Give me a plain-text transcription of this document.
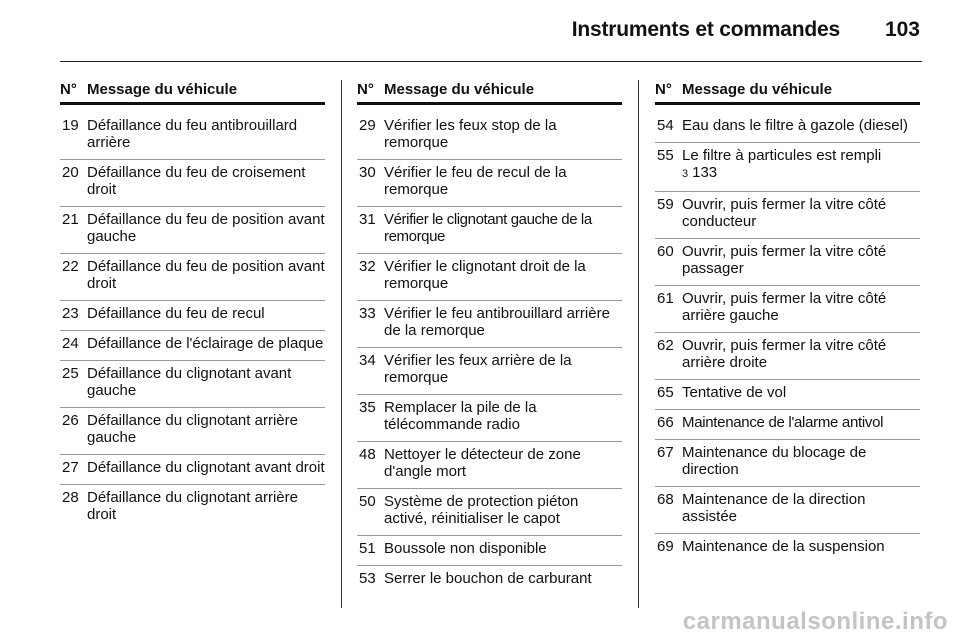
Instruments et commandes 103
N° Message du véhicule
19 Défaillance du feu antibrouillard arrière
20 Défaillance du feu de croisement droit
21 Défaillance du feu de position avant gauche
22 Défaillance du feu de position avant droit
23 Défaillance du feu de recul
24 Défaillance de l'éclairage de plaque
25 Défaillance du clignotant avant gauche
26 Défaillance du clignotant arrière gauche
27 Défaillance du clignotant avant droit
28 Défaillance du clignotant arrière droit
N° Message du véhicule
29 Vérifier les feux stop de la remorque
30 Vérifier le feu de recul de la remorque
31 Vérifier le clignotant gauche de la remorque
32 Vérifier le clignotant droit de la remorque
33 Vérifier le feu antibrouillard arrière de la remorque
34 Vérifier les feux arrière de la remorque
35 Remplacer la pile de la télécommande radio
48 Nettoyer le détecteur de zone d'angle mort
50 Système de protection piéton activé, réinitialiser le capot
51 Boussole non disponible
53 Serrer le bouchon de carburant
N° Message du véhicule
54 Eau dans le filtre à gazole (diesel)
55 Le filtre à particules est rempli
3 133
59 Ouvrir, puis fermer la vitre côté conducteur
60 Ouvrir, puis fermer la vitre côté passager
61 Ouvrir, puis fermer la vitre côté arrière gauche
62 Ouvrir, puis fermer la vitre côté arrière droite
65 Tentative de vol
66 Maintenance de l'alarme antivol
67 Maintenance du blocage de direction
68 Maintenance de la direction assistée
69 Maintenance de la suspension
carmanualsonline.info
